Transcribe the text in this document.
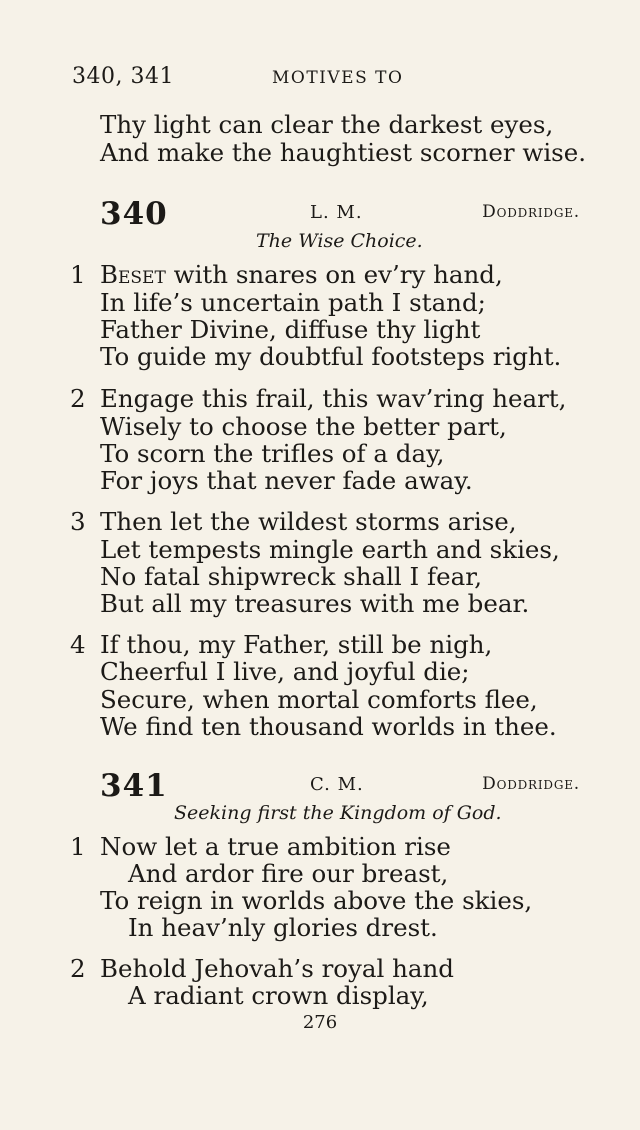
340, 341	MOTIVES TO
Thy light can clear the darkest eyes,
And make the haughtiest scorner wise.
340	L. M.	Doddridge.
The Wise Choice.
1 Beset with snares on ev’ry hand,
In life’s uncertain path I stand;
Father Divine, diffuse thy light
To guide my doubtful footsteps right.
2 Engage this frail, this wav’ring heart,
Wisely to choose the better part,
To scorn the trifles of a day,
For joys that never fade away.
3 Then let the wildest storms arise,
Let tempests mingle earth and skies,
No fatal shipwreck shall I fear,
But all my treasures with me bear.
4 If thou, my Father, still be nigh,
Cheerful I live, and joyful die;
Secure, when mortal comforts flee,
We find ten thousand worlds in thee.
341	C. M.	Doddridge.
Seeking first the Kingdom of God.
1 Now let a true ambition rise
And ardor fire our breast,
To reign in worlds above the skies,
In heav’nly glories drest.
2 Behold Jehovah’s royal hand
A radiant crown display,
276
